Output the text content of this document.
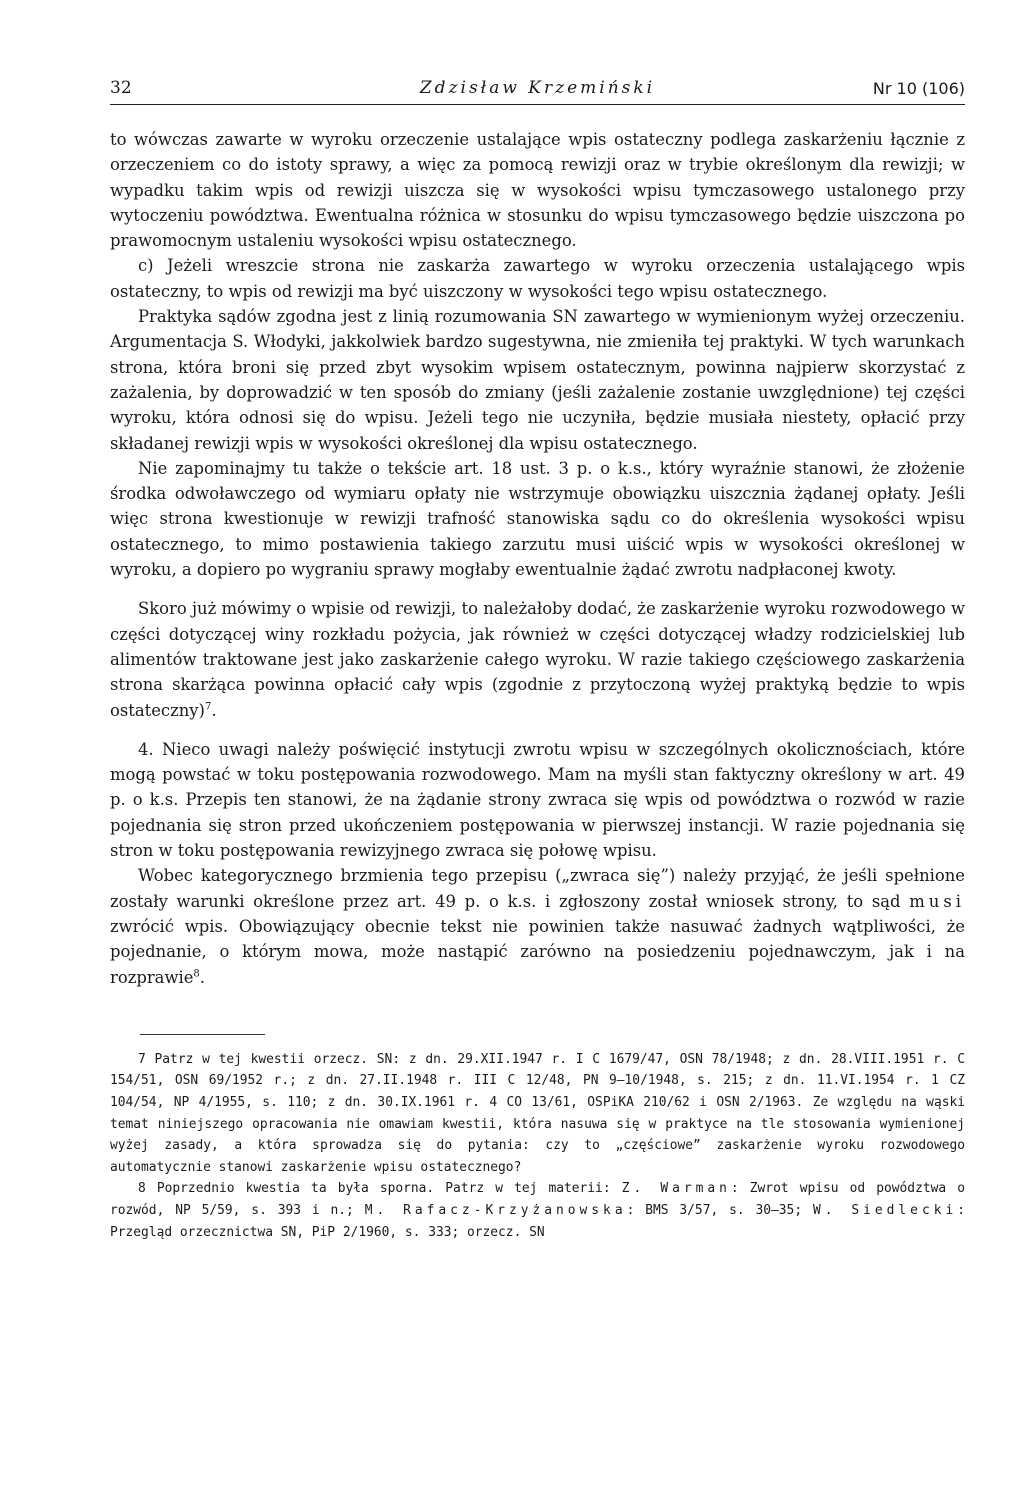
32	Zdzisław Krzemiński	Nr 10 (106)

to wówczas zawarte w wyroku orzeczenie ustalające wpis ostateczny podlega zaskarżeniu łącznie z orzeczeniem co do istoty sprawy, a więc za pomocą rewizji oraz w trybie określonym dla rewizji; w wypadku takim wpis od rewizji uiszcza się w wysokości wpisu tymczasowego ustalonego przy wytoczeniu powództwa. Ewentualna różnica w stosunku do wpisu tymczasowego będzie uiszczona po prawomocnym ustaleniu wysokości wpisu ostatecznego.

c) Jeżeli wreszcie strona nie zaskarża zawartego w wyroku orzeczenia ustalającego wpis ostateczny, to wpis od rewizji ma być uiszczony w wysokości tego wpisu ostatecznego.

Praktyka sądów zgodna jest z linią rozumowania SN zawartego w wymienionym wyżej orzeczeniu. Argumentacja S. Włodyki, jakkolwiek bardzo sugestywna, nie zmieniła tej praktyki. W tych warunkach strona, która broni się przed zbyt wysokim wpisem ostatecznym, powinna najpierw skorzystać z zażalenia, by doprowadzić w ten sposób do zmiany (jeśli zażalenie zostanie uwzględnione) tej części wyroku, która odnosi się do wpisu. Jeżeli tego nie uczyniła, będzie musiała niestety, opłacić przy składanej rewizji wpis w wysokości określonej dla wpisu ostatecznego.

Nie zapominajmy tu także o tekście art. 18 ust. 3 p. o k.s., który wyraźnie stanowi, że złożenie środka odwoławczego od wymiaru opłaty nie wstrzymuje obowiązku uiszcznia żądanej opłaty. Jeśli więc strona kwestionuje w rewizji trafność stanowiska sądu co do określenia wysokości wpisu ostatecznego, to mimo postawienia takiego zarzutu musi uiścić wpis w wysokości określonej w wyroku, a dopiero po wygraniu sprawy mogłaby ewentualnie żądać zwrotu nadpłaconej kwoty.

Skoro już mówimy o wpisie od rewizji, to należałoby dodać, że zaskarżenie wyroku rozwodowego w części dotyczącej winy rozkładu pożycia, jak również w części dotyczącej władzy rodzicielskiej lub alimentów traktowane jest jako zaskarżenie całego wyroku. W razie takiego częściowego zaskarżenia strona skarżąca powinna opłacić cały wpis (zgodnie z przytoczoną wyżej praktyką będzie to wpis ostateczny)$^7$.

4. Nieco uwagi należy poświęcić instytucji zwrotu wpisu w szczególnych okolicznościach, które mogą powstać w toku postępowania rozwodowego. Mam na myśli stan faktyczny określony w art. 49 p. o k.s. Przepis ten stanowi, że na żądanie strony zwraca się wpis od powództwa o rozwód w razie pojednania się stron przed ukończeniem postępowania w pierwszej instancji. W razie pojednania się stron w toku postępowania rewizyjnego zwraca się połowę wpisu.

Wobec kategorycznego brzmienia tego przepisu („zwraca się”) należy przyjąć, że jeśli spełnione zostały warunki określone przez art. 49 p. o k.s. i zgłoszony został wniosek strony, to sąd musi zwrócić wpis. Obowiązujący obecnie tekst nie powinien także nasuwać żadnych wątpliwości, że pojednanie, o którym mowa, może nastąpić zarówno na posiedzeniu pojednawczym, jak i na rozprawie$^8$.

7 Patrz w tej kwestii orzecz. SN: z dn. 29.XII.1947 r. I C 1679/47, OSN 78/1948; z dn. 28.VIII.1951 r. C 154/51, OSN 69/1952 r.; z dn. 27.II.1948 r. III C 12/48, PN 9—10/1948, s. 215; z dn. 11.VI.1954 r. 1 CZ 104/54, NP 4/1955, s. 110; z dn. 30.IX.1961 r. 4 CO 13/61, OSPiKA 210/62 i OSN 2/1963. Ze względu na wąski temat niniejszego opracowania nie omawiam kwestii, która nasuwa się w praktyce na tle stosowania wymienionej wyżej zasady, a która sprowadza się do pytania: czy to „częściowe” zaskarżenie wyroku rozwodowego automatycznie stanowi zaskarżenie wpisu ostatecznego?

8 Poprzednio kwestia ta była sporna. Patrz w tej materii: Z. Warman: Zwrot wpisu od powództwa o rozwód, NP 5/59, s. 393 i n.; M. Rafacz-Krzyżanowska: BMS 3/57, s. 30—35; W. Siedlecki: Przegląd orzecznictwa SN, PiP 2/1960, s. 333; orzecz. SN
